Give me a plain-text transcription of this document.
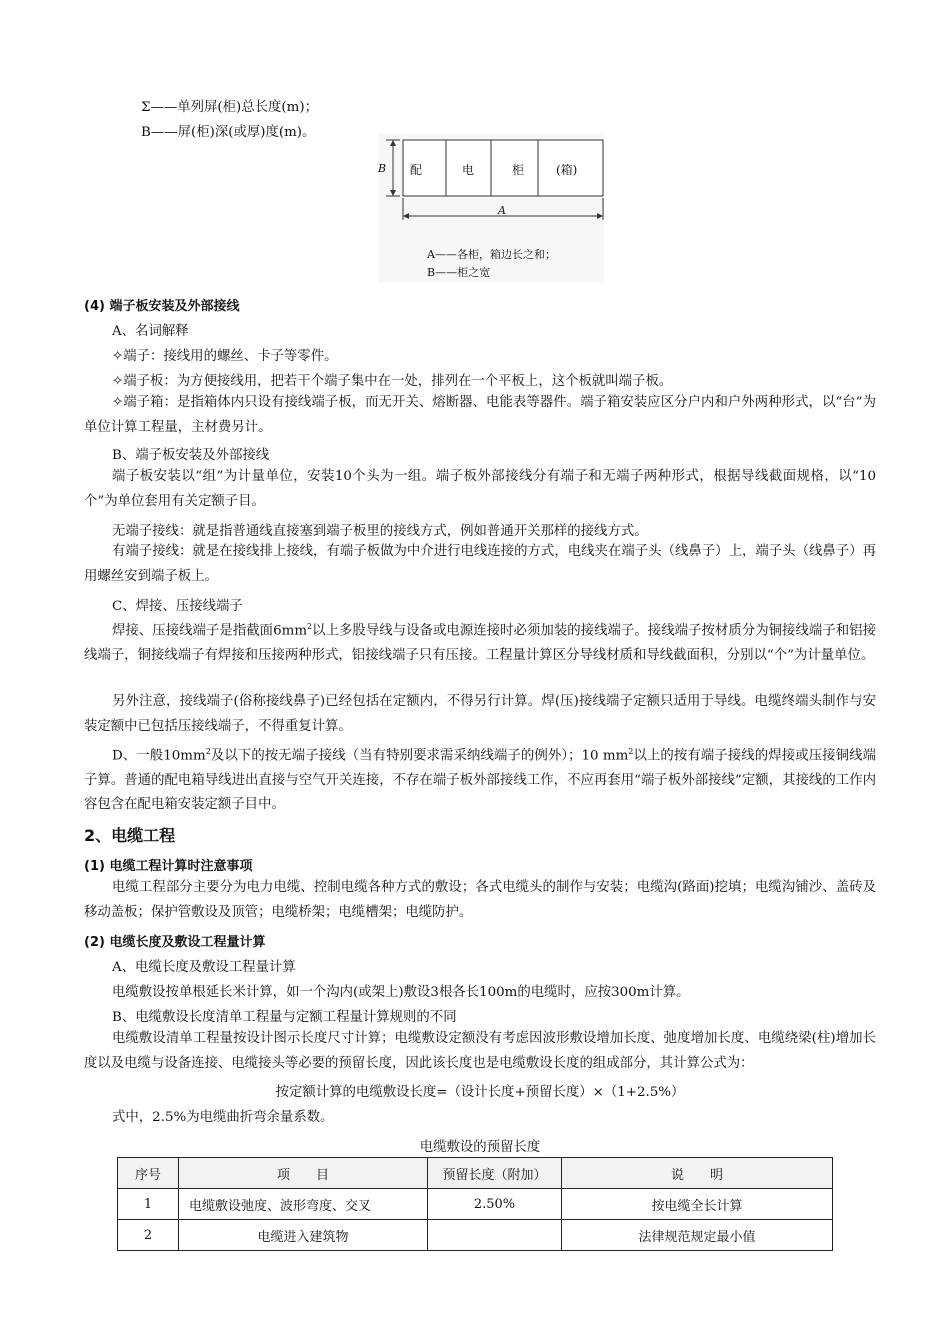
Σ——单列屏(柜)总长度(m)；
B——屏(柜)深(或厚)度(m)。
配	电	柜	(箱)
B
A
A——各柜，箱边长之和；
B——柜之宽
(4) 端子板安装及外部接线
A、名词解释
✧端子：接线用的螺丝、卡子等零件。
✧端子板：为方便接线用，把若干个端子集中在一处，排列在一个平板上，这个板就叫端子板。
✧端子箱：是指箱体内只设有接线端子板，而无开关、熔断器、电能表等器件。端子箱安装应区分户内和户外两种形式，以“台”为单位计算工程量，主材费另计。
B、端子板安装及外部接线
端子板安装以“组”为计量单位，安装10个头为一组。端子板外部接线分有端子和无端子两种形式，根据导线截面规格，以“10个”为单位套用有关定额子目。
无端子接线：就是指普通线直接塞到端子板里的接线方式，例如普通开关那样的接线方式。
有端子接线：就是在接线排上接线，有端子板做为中介进行电线连接的方式，电线夹在端子头（线鼻子）上，端子头（线鼻子）再用螺丝安到端子板上。
C、焊接、压接线端子
焊接、压接线端子是指截面$6mm^2$以上多股导线与设备或电源连接时必须加装的接线端子。接线端子按材质分为铜接线端子和铝接线端子，铜接线端子有焊接和压接两种形式，铝接线端子只有压接。工程量计算区分导线材质和导线截面积，分别以“个”为计量单位。
另外注意，接线端子(俗称接线鼻子)已经包括在定额内，不得另行计算。焊(压)接线端子定额只适用于导线。电缆终端头制作与安装定额中已包括压接线端子，不得重复计算。
D、一般$10mm^2$及以下的按无端子接线（当有特别要求需采纳线端子的例外）；10 $mm^2$以上的按有端子接线的焊接或压接铜线端子算。普通的配电箱导线进出直接与空气开关连接，不存在端子板外部接线工作，不应再套用“端子板外部接线”定额，其接线的工作内容包含在配电箱安装定额子目中。
2、电缆工程
(1) 电缆工程计算时注意事项
电缆工程部分主要分为电力电缆、控制电缆各种方式的敷设；各式电缆头的制作与安装；电缆沟(路面)挖填；电缆沟铺沙、盖砖及移动盖板；保护管敷设及顶管；电缆桥架；电缆槽架；电缆防护。
(2) 电缆长度及敷设工程量计算
A、电缆长度及敷设工程量计算
电缆敷设按单根延长米计算，如一个沟内(或架上)敷设3根各长100m的电缆时，应按300m计算。
B、电缆敷设长度清单工程量与定额工程量计算规则的不同
电缆敷设清单工程量按设计图示长度尺寸计算；电缆敷设定额没有考虑因波形敷设增加长度、弛度增加长度、电缆绕梁(柱)增加长度以及电缆与设备连接、电缆接头等必要的预留长度，因此该长度也是电缆敷设长度的组成部分，其计算公式为：
按定额计算的电缆敷设长度=（设计长度+预留长度）×（1+2.5%）
式中，2.5%为电缆曲折弯余量系数。
电缆敷设的预留长度
序号	项　　目	预留长度（附加）	说　　明
1	电缆敷设弛度、波形弯度、交叉	2.50%	按电缆全长计算
2	电缆进入建筑物		法律规范规定最小值
